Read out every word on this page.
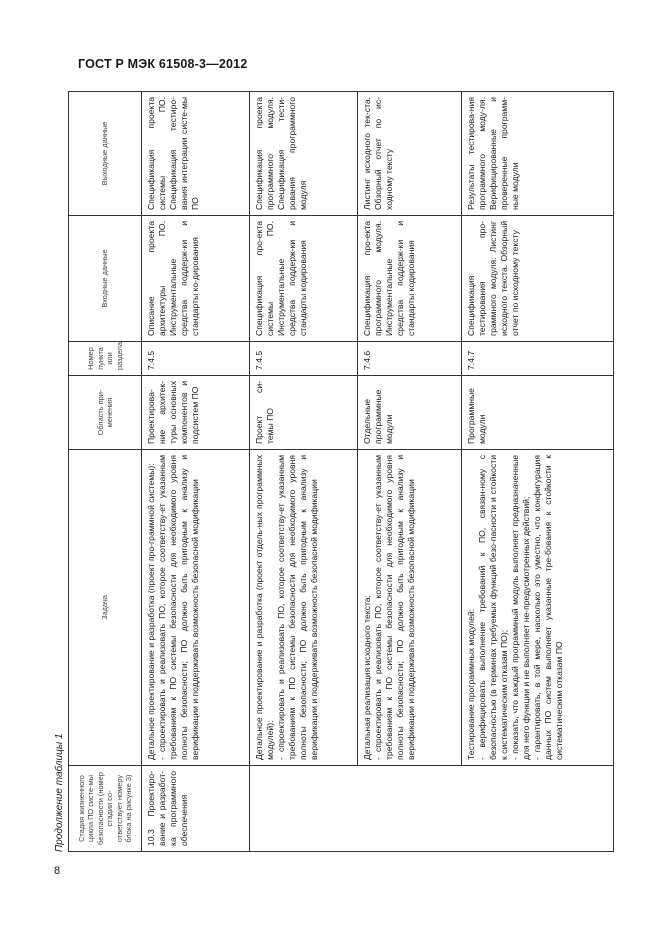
ГОСТ Р МЭК 61508-3—2012
8
Продолжение таблицы 1 Стадия жизненного цикла ПО систе-мы безопасности (номер стадии со-ответствует номеру блока на рисунке 3)	Задача	Область при-менения	Номер пункта или раздела	Входные данные	Выходные данные
10.3 Проектиро-вание и разработ-ка программного обеспечения	Детальное проектирование и разработка (проект про-граммной системы):
- спроектировать и реализовать ПО, которое соответству-ет указанным требованиям к ПО системы безопасности для необходимого уровня полноты безопасности; ПО должно быть пригодным к анализу и верификации и поддерживать возможность безопасной модификации	Проектирова-ние архитек-туры основных компонентов и подсистем ПО	7.4.5	Описание проекта архитектуры ПО. Инструментальные средства поддерж-ки и стандарты ко-дирования	Спецификация проекта системы ПО. Спецификация тестиро-вания интеграции систе-мы ПО
	Детальное проектирование и разработка (проект отдель-ных программных модулей):
- спроектировать и реализовать ПО, которое соответству-ет указанным требованиям к ПО системы безопасности для необходимого уровня полноты безопасности; ПО должно быть пригодным к анализу и верификации и поддерживать возможность безопасной модификации	Проект си-темы ПО	7.4.5	Спецификация про-екта системы ПО. Инструментальные средства поддерж-ки и стандарты кодирования	Спецификация проекта программного модуля. Спецификация тести-рования программного модуля
	Детальная реализация исходного текста:
- спроектировать и реализовать ПО, которое соответству-ет указанным требованиям к ПО системы безопасности для необходимого уровня полноты безопасности; ПО должно быть пригодным к анализу и верификации и поддерживать возможность безопасной модификации	Отдельные программные модули	7.4.6	Спецификация про-екта программного модуля. Инструментальные средства поддерж-ки и стандарты кодирования	Листинг исходного тек-ста. Обзорный отчет по ис-ходному тексту
	Тестирование программных модулей:
- верифицировать выполнение требований к ПО, связан-ному с безопасностью (в терминах требуемых функций безо-пасности и стойкости к систематическим отказам ПО);
- показать, что каждый программный модуль выполняет предназначенные для него функции и не выполняет не-предусмотренных действий;
- гарантировать, в той мере, насколько это уместно, что конфигурация данных ПО систем выполняет указанные тре-бования к стойкости к систематическим отказам ПО	Программные модули	7.4.7	Спецификация тестирования про-граммного модуля. Листинг исходного текста. Обзорный отчет по исходному тексту	Результаты тестирова-ния программного моду-ля. Верифицированные и проверенные программ-ные модули
